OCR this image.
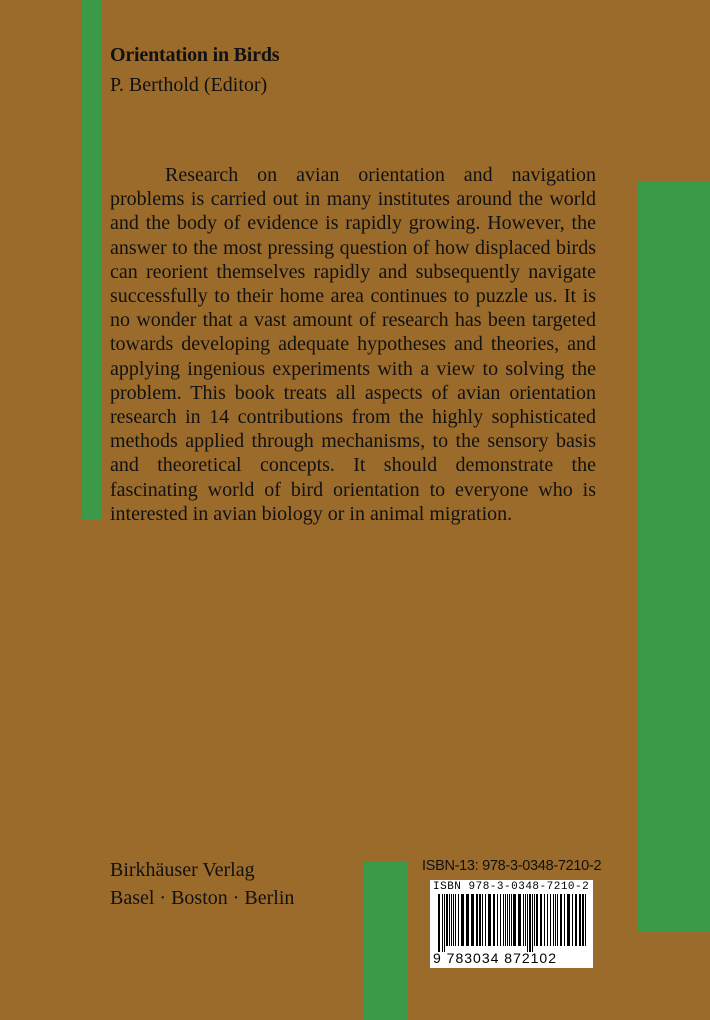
Orientation in Birds
P. Berthold (Editor)
Research on avian orientation and navigation problems is carried out in many institutes around the world and the body of evidence is rapidly growing. However, the answer to the most pressing question of how displaced birds can reorient themselves rapidly and subsequently navigate successfully to their home area continues to puzzle us. It is no wonder that a vast amount of research has been targeted towards developing adequate hypotheses and theories, and applying ingenious experiments with a view to solving the problem. This book treats all aspects of avian orientation research in 14 contributions from the highly sophisticated methods applied through mechanisms, to the sensory basis and theoretical concepts. It should demonstrate the fascinating world of bird orientation to everyone who is interested in avian biology or in animal migration.
Birkhäuser Verlag
Basel · Boston · Berlin
ISBN-13: 978-3-0348-7210-2
ISBN 978-3-0348-7210-2
9 783034 872102
